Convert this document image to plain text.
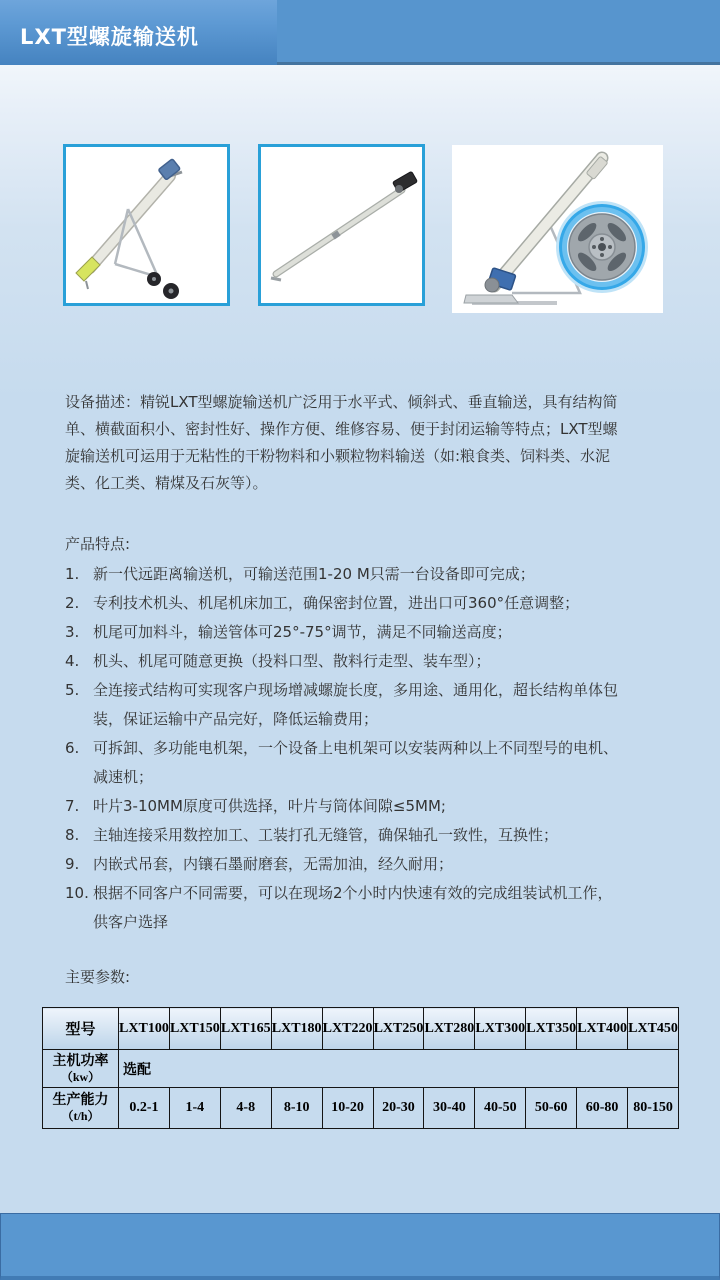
LXT型螺旋输送机
设备描述：精锐LXT型螺旋输送机广泛用于水平式、倾斜式、垂直输送，具有结构简
单、横截面积小、密封性好、操作方便、维修容易、便于封闭运输等特点；LXT型螺
旋输送机可运用于无粘性的干粉物料和小颗粒物料输送（如:粮食类、饲料类、水泥
类、化工类、精煤及石灰等）。
产品特点:
1. 新一代远距离输送机，可输送范围1-20 M只需一台设备即可完成；
2. 专利技术机头、机尾机床加工，确保密封位置，进出口可360°任意调整；
3. 机尾可加料斗，输送管体可25°-75°调节，满足不同输送高度；
4. 机头、机尾可随意更换（投料口型、散料行走型、装车型）；
5. 全连接式结构可实现客户现场增减螺旋长度，多用途、通用化，超长结构单体包
装，保证运输中产品完好，降低运输费用；
6. 可拆卸、多功能电机架，一个设备上电机架可以安装两种以上不同型号的电机、
减速机；
7. 叶片3-10MM原度可供选择，叶片与筒体间隙≤5MM;
8. 主轴连接采用数控加工、工装打孔无缝管，确保轴孔一致性，互换性；
9. 内嵌式吊套，内镶石墨耐磨套，无需加油，经久耐用；
10. 根据不同客户不同需要，可以在现场2个小时内快速有效的完成组装试机工作，
供客户选择
主要参数:
型号	LXT100	LXT150	LXT165	LXT180	LXT220	LXT250	LXT280	LXT300	LXT350	LXT400	LXT450

主机功率
（kw）	选配										

生产能力
（t/h）	0.2-1	1-4	4-8	8-10	10-20	20-30	30-40	40-50	50-60	60-80	80-150
